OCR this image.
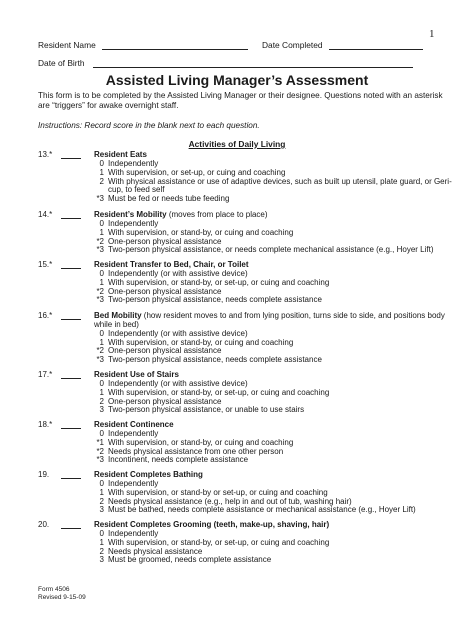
1
Resident Name	Date Completed
Date of Birth
Assisted Living Manager’s Assessment
This form is to be completed by the Assisted Living Manager or their designee. Questions noted with an asterisk are “triggers” for awake overnight staff.
Instructions: Record score in the blank next to each question.
Activities of Daily Living
13.*	Resident Eats
0 Independently
1 With supervision, or set-up, or cuing and coaching
2 With physical assistance or use of adaptive devices, such as built up utensil, plate guard, or Geri-cup, to feed self
*3 Must be fed or needs tube feeding
14.*	Resident’s Mobility (moves from place to place)
0 Independently
1 With supervision, or stand-by, or cuing and coaching
*2 One-person physical assistance
*3 Two-person physical assistance, or needs complete mechanical assistance (e.g., Hoyer Lift)
15.*	Resident Transfer to Bed, Chair, or Toilet
0 Independently (or with assistive device)
1 With supervision, or stand-by, or set-up, or cuing and coaching
*2 One-person physical assistance
*3 Two-person physical assistance, needs complete assistance
16.*	Bed Mobility (how resident moves to and from lying position, turns side to side, and positions body while in bed)
0 Independently (or with assistive device)
1 With supervision, or stand-by, or cuing and coaching
*2 One-person physical assistance
*3 Two-person physical assistance, needs complete assistance
17.*	Resident Use of Stairs
0 Independently (or with assistive device)
1 With supervision, or stand-by, or set-up, or cuing and coaching
2 One-person physical assistance
3 Two-person physical assistance, or unable to use stairs
18.*	Resident Continence
0 Independently
*1 With supervision, or stand-by, or cuing and coaching
*2 Needs physical assistance from one other person
*3 Incontinent, needs complete assistance
19.	Resident Completes Bathing
0 Independently
1 With supervision, or stand-by or set-up, or cuing and coaching
2 Needs physical assistance (e.g., help in and out of tub, washing hair)
3 Must be bathed, needs complete assistance or mechanical assistance (e.g., Hoyer Lift)
20.	Resident Completes Grooming (teeth, make-up, shaving, hair)
0 Independently
1 With supervision, or stand-by, or set-up, or cuing and coaching
2 Needs physical assistance
3 Must be groomed, needs complete assistance
Form 4506
Revised 9-15-09
